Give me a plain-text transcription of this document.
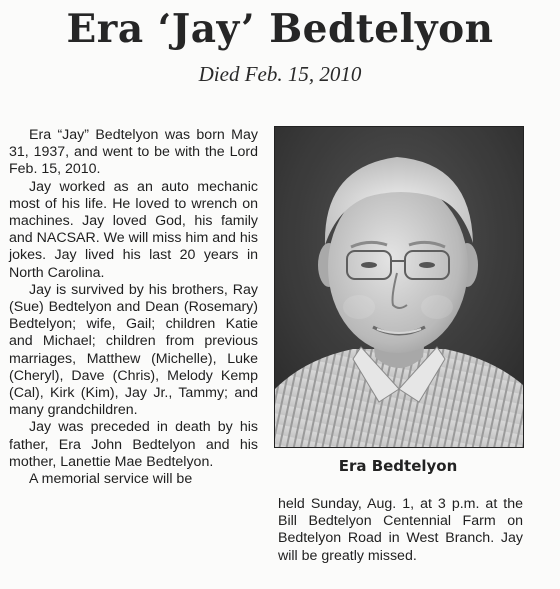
Era ‘Jay’ Bedtelyon
Died Feb. 15, 2010

Era “Jay” Bedtelyon was born May 31, 1937, and went to be with the Lord Feb. 15, 2010.

Jay worked as an auto mechanic most of his life. He loved to wrench on machines. Jay loved God, his family and NACSAR. We will miss him and his jokes. Jay lived his last 20 years in North Carolina.

Jay is survived by his brothers, Ray (Sue) Bedtelyon and Dean (Rosemary) Bedtelyon; wife, Gail; children Katie and Michael; children from previous marriages, Matthew (Michelle), Luke (Cheryl), Dave (Chris), Melody Kemp (Cal), Kirk (Kim), Jay Jr., Tammy; and many grandchildren.

Jay was preceded in death by his father, Era John Bedtelyon and his mother, Lanettie Mae Bedtelyon.

A memorial service will be

Era Bedtelyon

held Sunday, Aug. 1, at 3 p.m. at the Bill Bedtelyon Centennial Farm on Bedtelyon Road in West Branch. Jay will be greatly missed.
